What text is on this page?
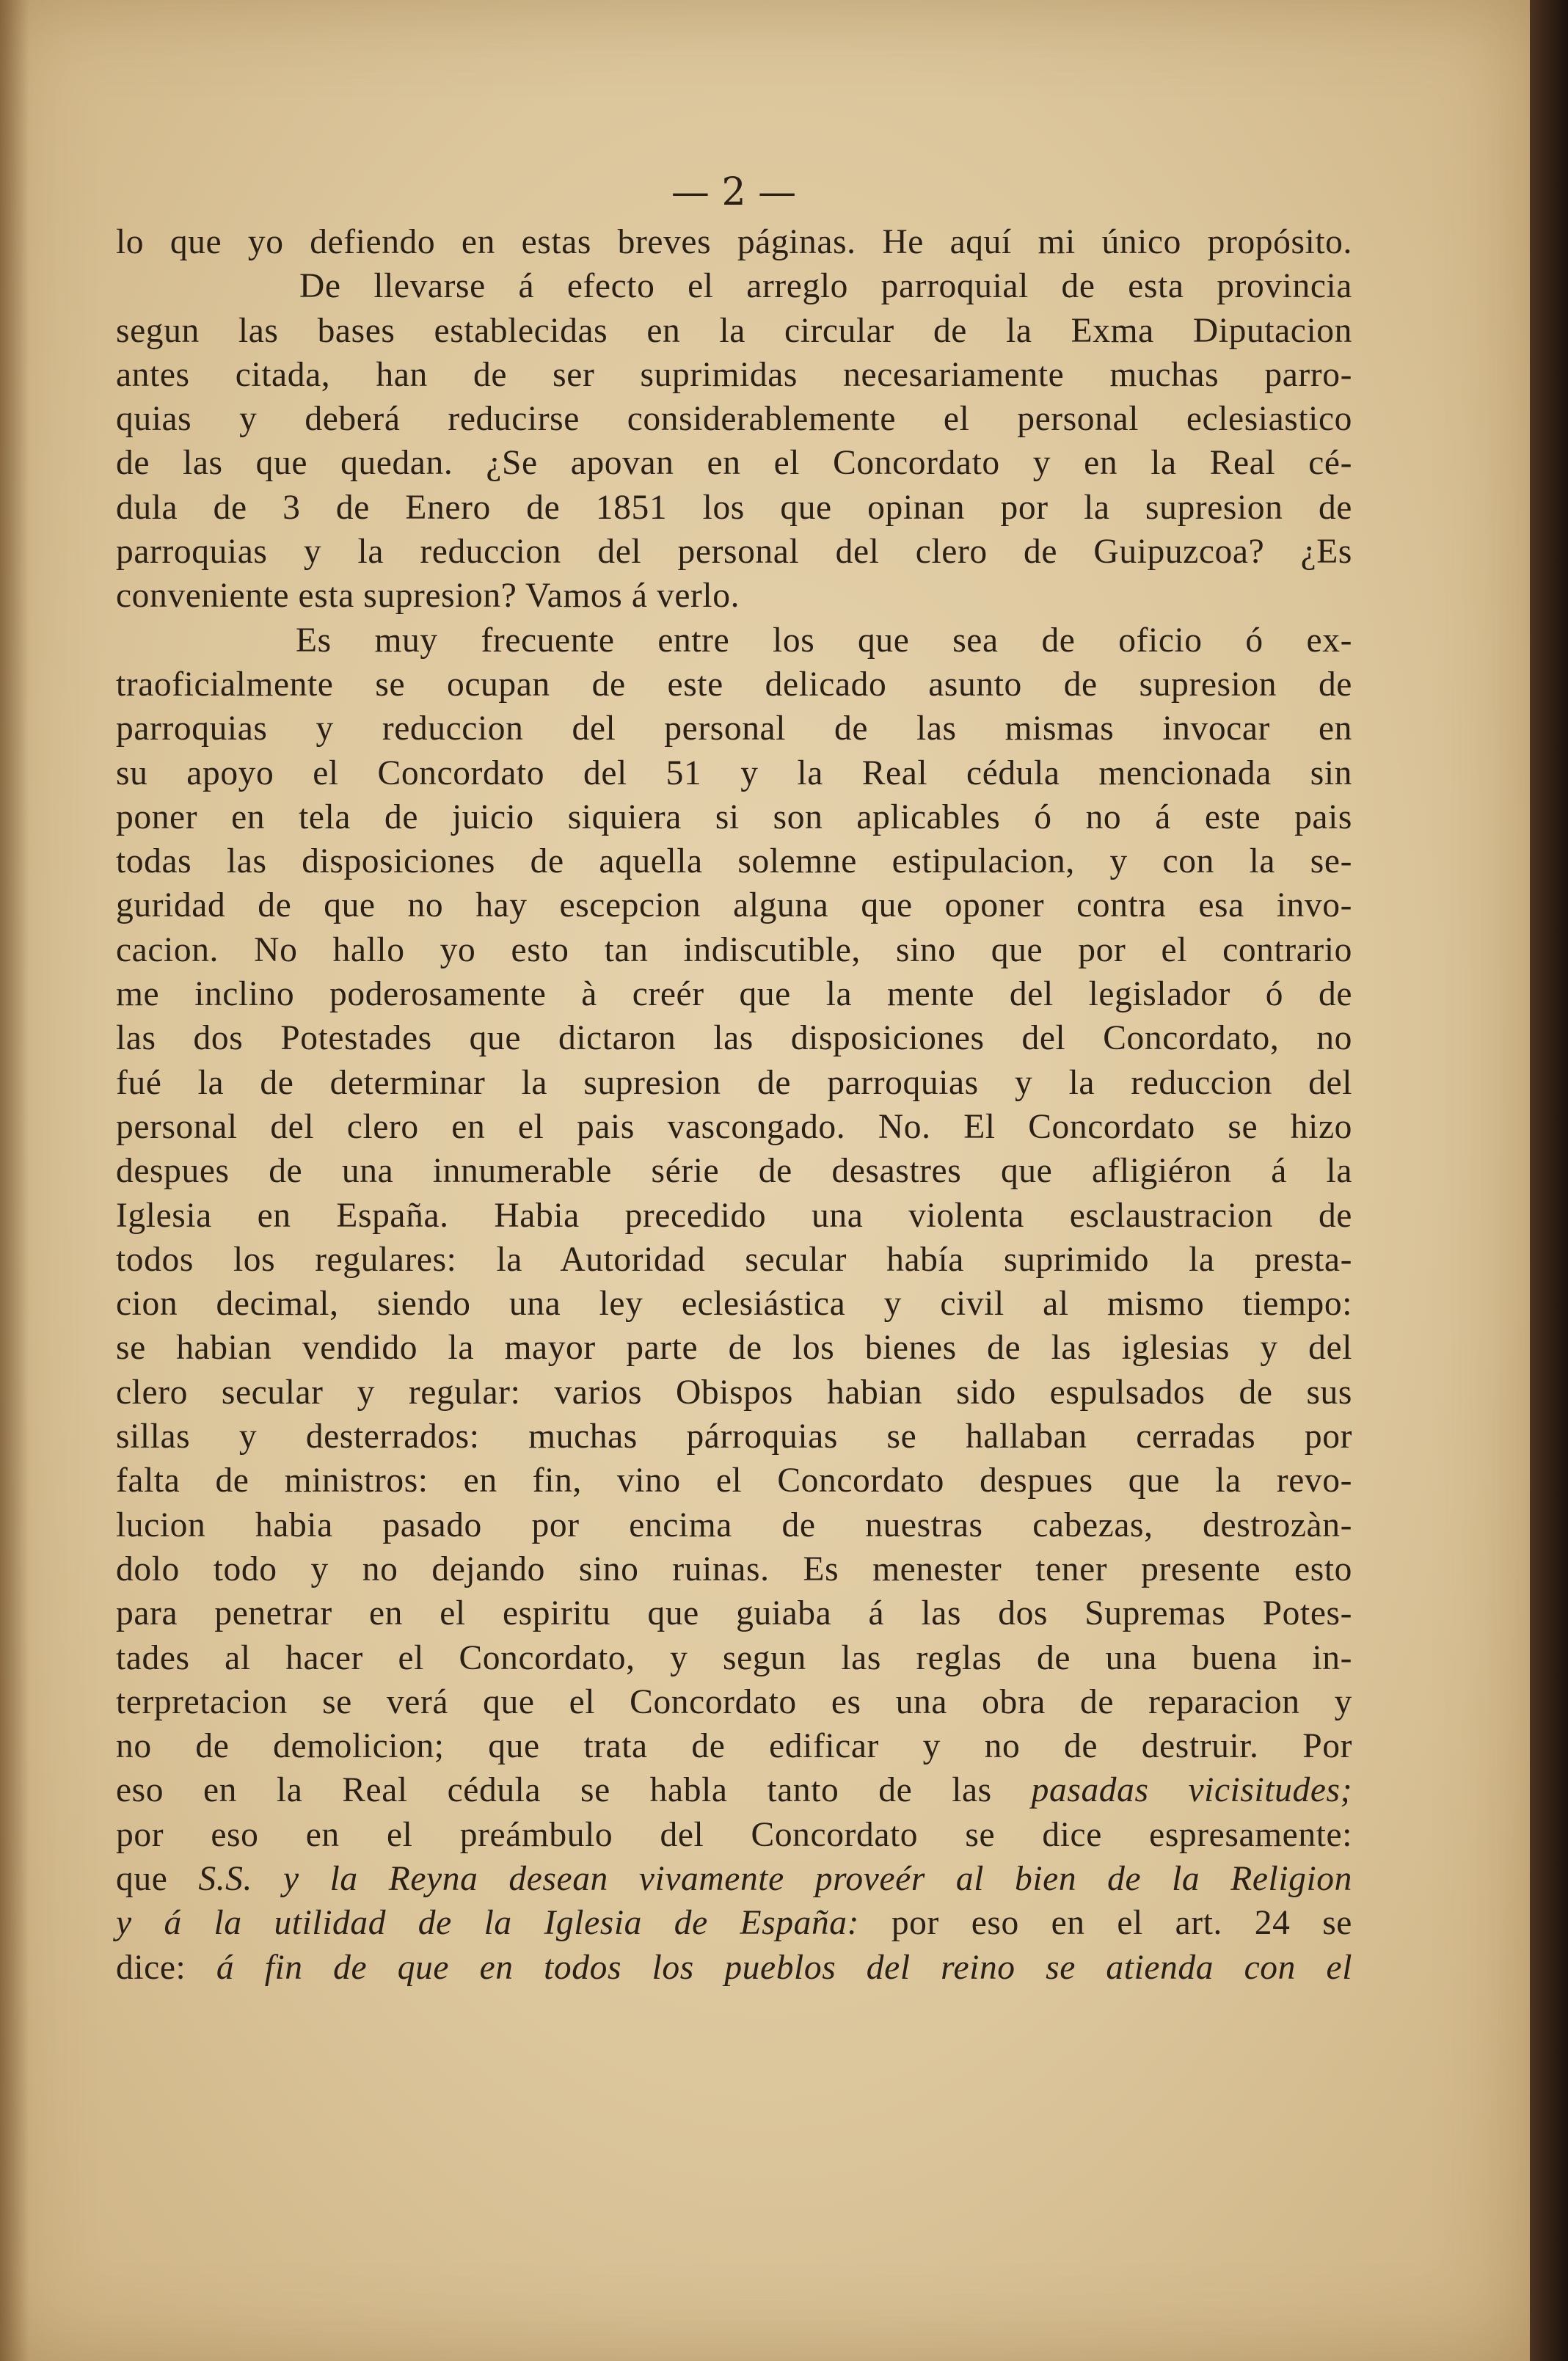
— 2 —
lo que yo defiendo en estas breves páginas. He aquí mi único propósito.
De llevarse á efecto el arreglo parroquial de esta provincia
segun las bases establecidas en la circular de la Exma Diputacion
antes citada, han de ser suprimidas necesariamente muchas parro-
quias y deberá reducirse considerablemente el personal eclesiastico
de las que quedan. ¿Se apovan en el Concordato y en la Real cé-
dula de 3 de Enero de 1851 los que opinan por la supresion de
parroquias y la reduccion del personal del clero de Guipuzcoa? ¿Es
conveniente esta supresion? Vamos á verlo.
Es muy frecuente entre los que sea de oficio ó ex-
traoficialmente se ocupan de este delicado asunto de supresion de
parroquias y reduccion del personal de las mismas invocar en
su apoyo el Concordato del 51 y la Real cédula mencionada sin
poner en tela de juicio siquiera si son aplicables ó no á este pais
todas las disposiciones de aquella solemne estipulacion, y con la se-
guridad de que no hay escepcion alguna que oponer contra esa invo-
cacion. No hallo yo esto tan indiscutible, sino que por el contrario
me inclino poderosamente à creér que la mente del legislador ó de
las dos Potestades que dictaron las disposiciones del Concordato, no
fué la de determinar la supresion de parroquias y la reduccion del
personal del clero en el pais vascongado. No. El Concordato se hizo
despues de una innumerable série de desastres que afligiéron á la
Iglesia en España. Habia precedido una violenta esclaustracion de
todos los regulares: la Autoridad secular había suprimido la presta-
cion decimal, siendo una ley eclesiástica y civil al mismo tiempo:
se habian vendido la mayor parte de los bienes de las iglesias y del
clero secular y regular: varios Obispos habian sido espulsados de sus
sillas y desterrados: muchas párroquias se hallaban cerradas por
falta de ministros: en fin, vino el Concordato despues que la revo-
lucion habia pasado por encima de nuestras cabezas, destrozàn-
dolo todo y no dejando sino ruinas. Es menester tener presente esto
para penetrar en el espiritu que guiaba á las dos Supremas Potes-
tades al hacer el Concordato, y segun las reglas de una buena in-
terpretacion se verá que el Concordato es una obra de reparacion y
no de demolicion; que trata de edificar y no de destruir. Por
eso en la Real cédula se habla tanto de las pasadas vicisitudes;
por eso en el preámbulo del Concordato se dice espresamente:
que S.S. y la Reyna desean vivamente proveér al bien de la Religion
y á la utilidad de la Iglesia de España: por eso en el art. 24 se
dice: á fin de que en todos los pueblos del reino se atienda con el
